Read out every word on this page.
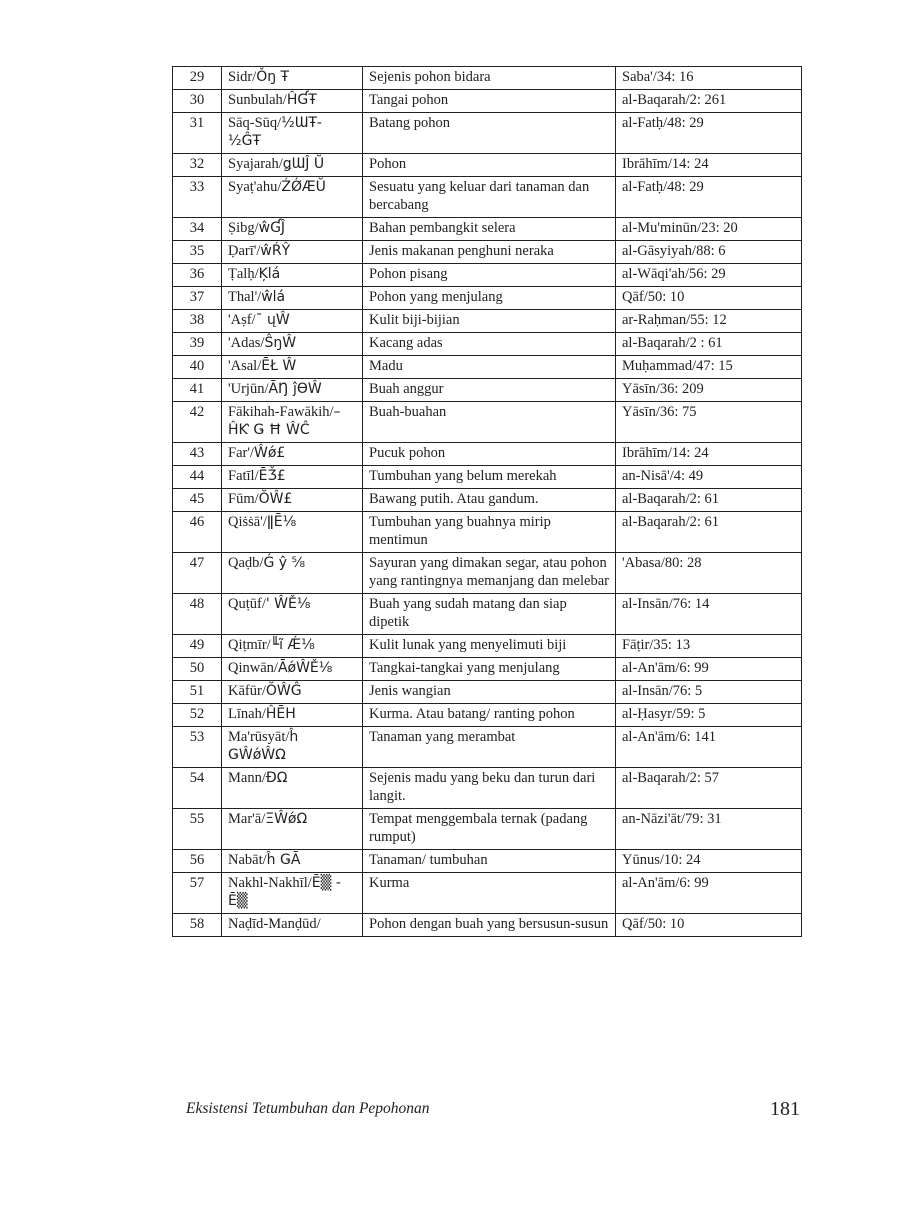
29	Sidr/Ǒŋ Ŧ	Sejenis pohon bidara	Saba'/34: 16
30	Sunbulah/ĤƓŦ	Tangai pohon	al-Baqarah/2: 261
31	Sāq-Sūq/½ƜŦ- ½ĜŦ	Batang pohon	al-Fatḥ/48: 29
32	Syajarah/ǥƜĴ Ŭ	Pohon	Ibrāhīm/14: 24
33	Syaṭ'ahu/ŹǾÆŬ	Sesuatu yang keluar dari tanaman dan bercabang	al-Fatḥ/48: 29
34	Ṣibg/ŵƓĴ	Bahan pembangkit selera	al-Mu'minūn/23: 20
35	Ḍarī'/ŵŔŶ	Jenis makanan penghuni neraka	al-Gāsyiyah/88: 6
36	Ṭalḥ/Ķlá	Pohon pisang	al-Wāqi'ah/56: 29
37	Thal'/ŵlá	Pohon yang menjulang	Qāf/50: 10
38	'Aṣf/¯ ųŴ	Kulit biji-bijian	ar-Raḥman/55: 12
39	'Adas/ŜŋŴ	Kacang adas	al-Baqarah/2 : 61
40	'Asal/ĒŁ Ŵ	Madu	Muḥammad/47: 15
41	'Urjūn/ĀŊ ĵƟŴ	Buah anggur	Yāsīn/36: 209
42	Fākihah-Fawākih/– ĤƘ Ǥ Ħ ŴĈ	Buah-buahan	Yāsīn/36: 75
43	Far'/Ŵǿ£	Pucuk pohon	Ibrāhīm/14: 24
44	Fatīl/ĒǮ£	Tumbuhan yang belum merekah	an-Nisā'/4: 49
45	Fūm/ŎŴ£	Bawang putih. Atau gandum.	al-Baqarah/2: 61
46	Qiṡṡā'/ǁĒ⅛	Tumbuhan yang buahnya mirip mentimun	al-Baqarah/2: 61
47	Qaḍb/Ǵ ŷ ⅝	Sayuran yang dimakan segar, atau pohon yang rantingnya memanjang dan melebar	'Abasa/80: 28
48	Quṭūf/' ŴĚ⅛	Buah yang sudah matang dan siap dipetik	al-Insān/76: 14
49	Qiṭmīr/╙ĩ Ǽ⅛	Kulit lunak yang menyelimuti biji	Fāṭir/35: 13
50	Qinwān/ĀǿŴĚ⅛	Tangkai-tangkai yang menjulang	al-An'ām/6: 99
51	Kāfūr/ŎŴĜ	Jenis wangian	al-Insān/76: 5
52	Līnah/ĤĒH	Kurma. Atau batang/ ranting pohon	al-Ḥasyr/59: 5
53	Ma'rūsyāt/ĥ ǤŴǿŴΩ	Tanaman yang merambat	al-An'ām/6: 141
54	Mann/ĐΩ	Sejenis madu yang beku dan turun dari langit.	al-Baqarah/2: 57
55	Mar'ā/ΞŴǿΩ	Tempat menggembala ternak (padang rumput)	an-Nāzi'āt/79: 31
56	Nabāt/ĥ ǤĀ	Tanaman/ tumbuhan	Yūnus/10: 24
57	Nakhl-Nakhīl/Ē▒ - Ē▒	Kurma	al-An'ām/6: 99
58	Naḍīd-Manḍūd/	Pohon dengan buah yang bersusun-susun	Qāf/50: 10
Eksistensi Tetumbuhan dan Pepohonan	181
